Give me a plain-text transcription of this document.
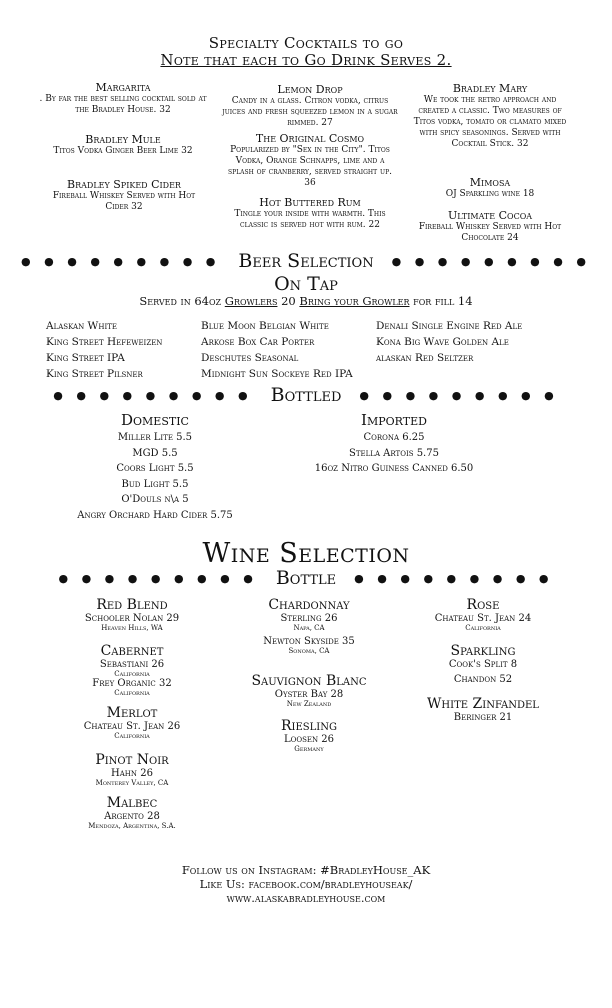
Specialty Cocktails to go
Note that each to Go Drink Serves 2.
Margarita
. By far the best selling cocktail sold at the Bradley House. 32
Bradley Mule
Titos Vodka Ginger Beer Lime 32
Bradley Spiked Cider
Fireball Whiskey Served with Hot Cider 32
Lemon Drop
Candy in a glass. Citron vodka, citrus juices and fresh squeezed lemon in a sugar rimmed. 27
The Original Cosmo
Popularized by "Sex in the City". Titos Vodka, Orange Schnapps, lime and a splash of cranberry, served straight up. 36
Hot Buttered Rum
Tingle your inside with warmth. This classic is served hot with rum. 22
Bradley Mary
We took the retro approach and created a classic. Two measures of Titos vodka, tomato or clamato mixed with spicy seasonings. Served with Cocktail Stick. 32
Mimosa
OJ Sparkling wine 18
Ultimate Cocoa
Fireball Whiskey Served with Hot Chocolate 24
● ● ● ● ● ● ● ● ● Beer Selection ● ● ● ● ● ● ● ● ●
On Tap
Served in 64oz Growlers 20 Bring your Growler for fill 14
Alaskan White
King Street Hefeweizen
King Street IPA
King Street Pilsner
Blue Moon Belgian White
Arkose Box Car Porter
Deschutes Seasonal
Midnight Sun Sockeye Red IPA
Denali Single Engine Red Ale
Kona Big Wave Golden Ale
alaskan Red Seltzer
● ● ● ● ● ● ● ● ● Bottled ● ● ● ● ● ● ● ● ●
Domestic
Miller Lite 5.5
MGD 5.5
Coors Light 5.5
Bud Light 5.5
O'Douls n\a 5
Angry Orchard Hard Cider 5.75
Imported
Corona 6.25
Stella Artois 5.75
16oz Nitro Guiness Canned 6.50
Wine Selection
● ● ● ● ● ● ● ● ● Bottle ● ● ● ● ● ● ● ● ●
Red Blend
Schooler Nolan 29
Heaven Hills, WA
Cabernet
Sebastiani 26
California
Frey Organic 32
California
Merlot
Chateau St. Jean 26
California
Pinot Noir
Hahn 26
Monterey Valley, CA
Malbec
Argento 28
Mendoza, Argentina, S.A.
Chardonnay
Sterling 26
Napa, CA
Newton Skyside 35
Sonoma, CA
Sauvignon Blanc
Oyster Bay 28
New Zealand
Riesling
Loosen 26
Germany
Rose
Chateau St. Jean 24
California
Sparkling
Cook's Split 8
Chandon 52
White Zinfandel
Beringer 21
Follow us on Instagram: #BradleyHouse_AK
Like Us: facebook.com/bradleyhouseak/
www.alaskabradleyhouse.com
